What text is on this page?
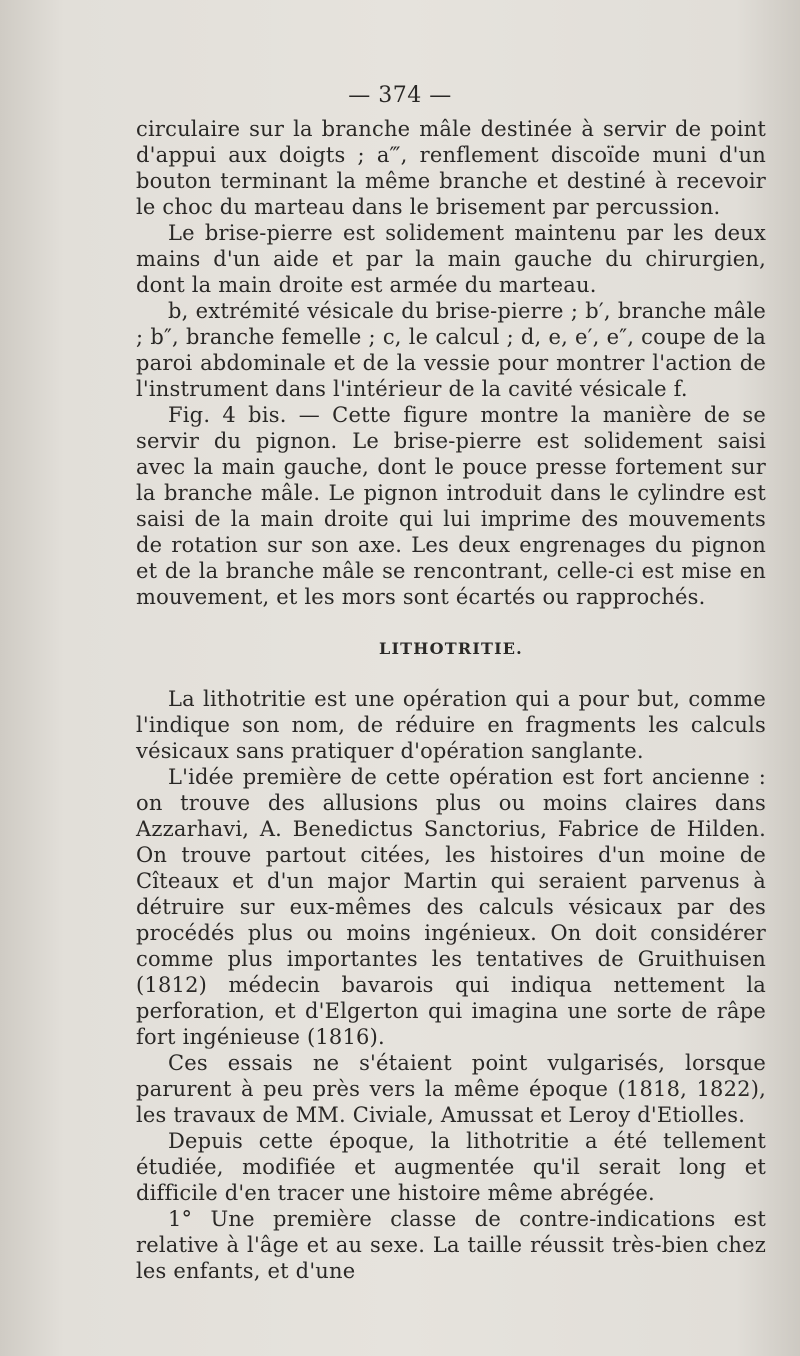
— 374 —

circulaire sur la branche mâle destinée à servir de point d'appui aux doigts ; a‴, renflement discoïde muni d'un bouton terminant la même branche et destiné à recevoir le choc du marteau dans le brisement par percussion.

Le brise-pierre est solidement maintenu par les deux mains d'un aide et par la main gauche du chirurgien, dont la main droite est armée du marteau.

b, extrémité vésicale du brise-pierre ; b′, branche mâle ; b″, branche femelle ; c, le calcul ; d, e, e′, e″, coupe de la paroi abdominale et de la vessie pour montrer l'action de l'instrument dans l'intérieur de la cavité vésicale f.

Fig. 4 bis. — Cette figure montre la manière de se servir du pignon. Le brise-pierre est solidement saisi avec la main gauche, dont le pouce presse fortement sur la branche mâle. Le pignon introduit dans le cylindre est saisi de la main droite qui lui imprime des mouvements de rotation sur son axe. Les deux engrenages du pignon et de la branche mâle se rencontrant, celle-ci est mise en mouvement, et les mors sont écartés ou rapprochés.

LITHOTRITIE.

La lithotritie est une opération qui a pour but, comme l'indique son nom, de réduire en fragments les calculs vésicaux sans pratiquer d'opération sanglante.

L'idée première de cette opération est fort ancienne : on trouve des allusions plus ou moins claires dans Azzarhavi, A. Benedictus Sanctorius, Fabrice de Hilden. On trouve partout citées, les histoires d'un moine de Cîteaux et d'un major Martin qui seraient parvenus à détruire sur eux-mêmes des calculs vésicaux par des procédés plus ou moins ingénieux. On doit considérer comme plus importantes les tentatives de Gruithuisen (1812) médecin bavarois qui indiqua nettement la perforation, et d'Elgerton qui imagina une sorte de râpe fort ingénieuse (1816).

Ces essais ne s'étaient point vulgarisés, lorsque parurent à peu près vers la même époque (1818, 1822), les travaux de MM. Civiale, Amussat et Leroy d'Etiolles.

Depuis cette époque, la lithotritie a été tellement étudiée, modifiée et augmentée qu'il serait long et difficile d'en tracer une histoire même abrégée.

1° Une première classe de contre-indications est relative à l'âge et au sexe. La taille réussit très-bien chez les enfants, et d'une
